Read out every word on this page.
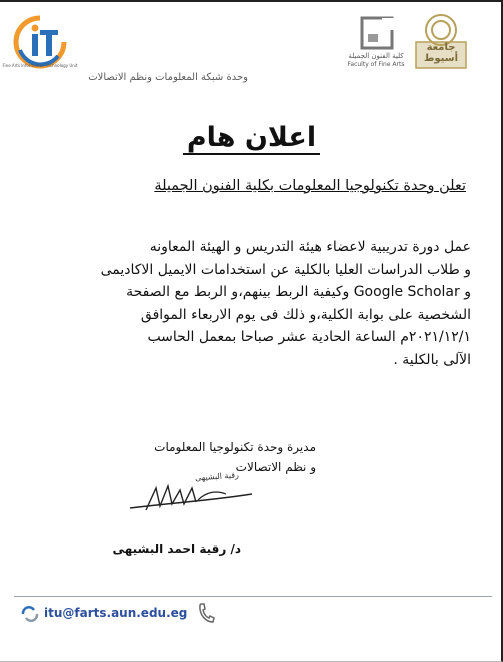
Fine Arts Information Technology Unit
وحدة شبكة المعلومات ونظم الاتصالات
كلية الفنون الجميلة
Faculty of Fine Arts
جامعة أسيوط
اعلان هام
تعلن وحدة تكنولوجيا المعلومات بكلية الفنون الجميلة

عمل دورة تدريبية لاعضاء هيئة التدريس و الهيئة المعاونه

و طلاب الدراسات العليا بالكلية عن استخدامات الايميل الاكاديمى

و Google Scholar وكيفية الربط بينهم،و الربط مع الصفحة

الشخصية على بوابة الكلية،و ذلك فى يوم الاربعاء الموافق

٢٠٢١/١٢/١م الساعة الحادية عشر صباحا بمعمل الحاسب

الآلى بالكلية .

مديرة وحدة تكنولوجيا المعلومات

و نظم الاتصالات

رقية البشيهى
د/ رقية احمد البشيهى
itu@farts.aun.edu.eg
